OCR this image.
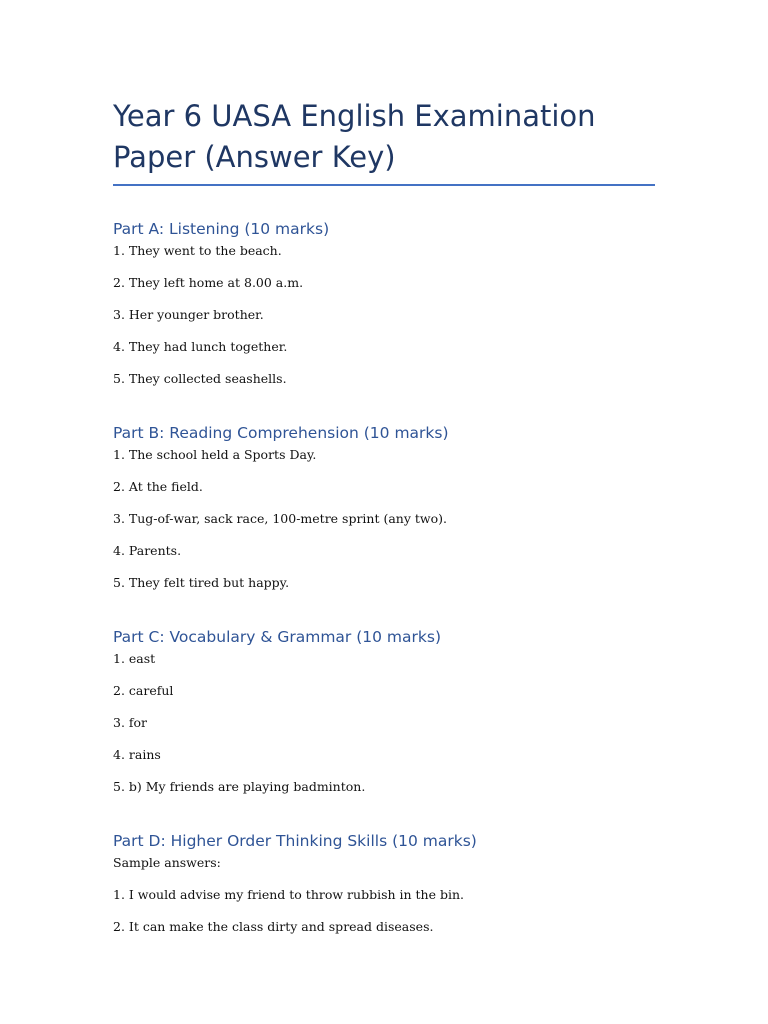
Year 6 UASA English Examination Paper (Answer Key)
Part A: Listening (10 marks)

1. They went to the beach.

2. They left home at 8.00 a.m.

3. Her younger brother.

4. They had lunch together.

5. They collected seashells.

Part B: Reading Comprehension (10 marks)

1. The school held a Sports Day.

2. At the field.

3. Tug-of-war, sack race, 100-metre sprint (any two).

4. Parents.

5. They felt tired but happy.

Part C: Vocabulary & Grammar (10 marks)

1. east

2. careful

3. for

4. rains

5. b) My friends are playing badminton.

Part D: Higher Order Thinking Skills (10 marks)

Sample answers:

1. I would advise my friend to throw rubbish in the bin.

2. It can make the class dirty and spread diseases.
